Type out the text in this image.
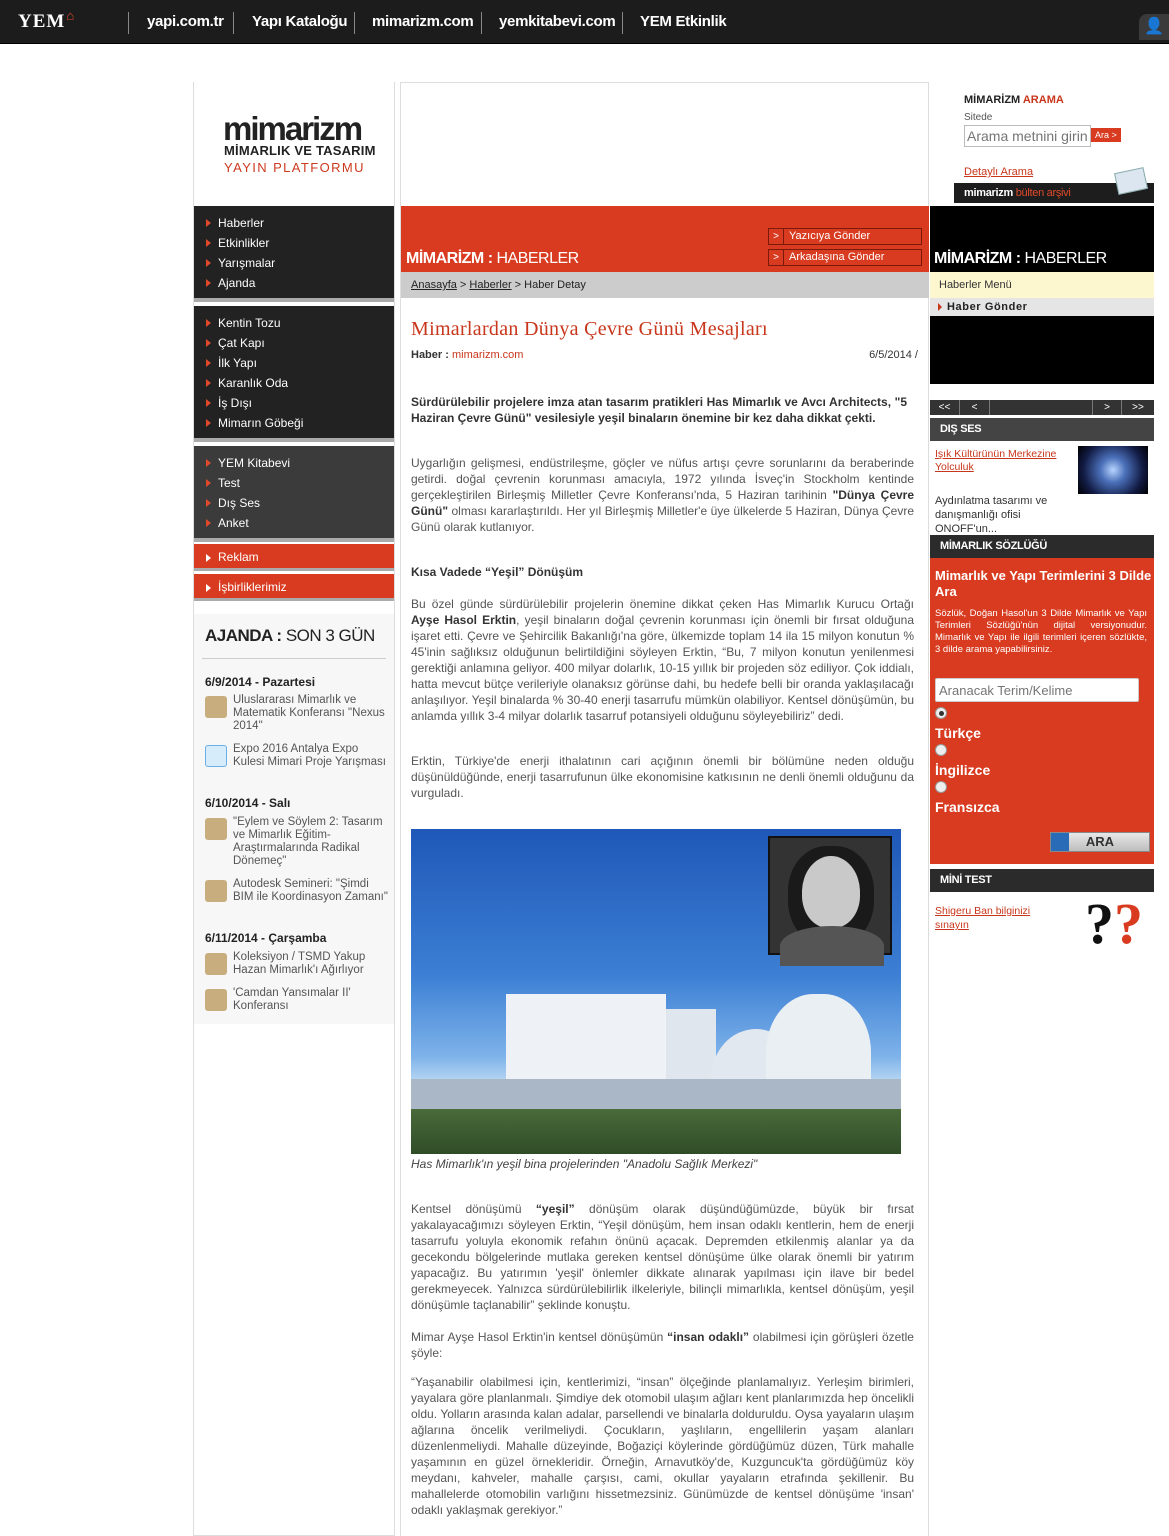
YEM⌂	yapi.com.tr Yapı Kataloğu mimarizm.com yemkitabevi.com YEM Etkinlik	👤
mimarizm
MİMARLIK VE TASARIM
YAYIN PLATFORMU
Haberler
Etkinlikler
Yarışmalar
Ajanda
Kentin Tozu
Çat Kapı
İlk Yapı
Karanlık Oda
İş Dışı
Mimarın Göbeği
YEM Kitabevi
Test
Dış Ses
Anket
Reklam
İşbirliklerimiz
AJANDA : SON 3 GÜN
6/9/2014 - Pazartesi
Uluslararası Mimarlık ve Matematik Konferansı "Nexus 2014"
Expo 2016 Antalya Expo Kulesi Mimari Proje Yarışması
6/10/2014 - Salı
"Eylem ve Söylem 2: Tasarım ve Mimarlık Eğitim-Araştırmalarında Radikal Dönemeç"
Autodesk Semineri: "Şimdi BIM ile Koordinasyon Zamanı"
6/11/2014 - Çarşamba
Koleksiyon / TSMD Yakup Hazan Mimarlık'ı Ağırlıyor
'Camdan Yansımalar II' Konferansı
MİMARİZM : HABERLER
> Yazıcıya Gönder
> Arkadaşına Gönder
Anasayfa > Haberler > Haber Detay
Mimarlardan Dünya Çevre Günü Mesajları
Haber : mimarizm.com	6/5/2014 /
Sürdürülebilir projelere imza atan tasarım pratikleri Has Mimarlık ve Avcı Architects, "5 Haziran Çevre Günü" vesilesiyle yeşil binaların önemine bir kez daha dikkat çekti.
Uygarlığın gelişmesi, endüstrileşme, göçler ve nüfus artışı çevre sorunlarını da beraberinde getirdi. doğal çevrenin korunması amacıyla, 1972 yılında İsveç'in Stockholm kentinde gerçekleştirilen Birleşmiş Milletler Çevre Konferansı'nda, 5 Haziran tarihinin "Dünya Çevre Günü" olması kararlaştırıldı. Her yıl Birleşmiş Milletler'e üye ülkelerde 5 Haziran, Dünya Çevre Günü olarak kutlanıyor.
Kısa Vadede “Yeşil” Dönüşüm
Bu özel günde sürdürülebilir projelerin önemine dikkat çeken Has Mimarlık Kurucu Ortağı Ayşe Hasol Erktin, yeşil binaların doğal çevrenin korunması için önemli bir fırsat olduğuna işaret etti. Çevre ve Şehircilik Bakanlığı'na göre, ülkemizde toplam 14 ila 15 milyon konutun % 45'inin sağlıksız olduğunun belirtildiğini söyleyen Erktin, “Bu, 7 milyon konutun yenilenmesi gerektiği anlamına geliyor. 400 milyar dolarlık, 10-15 yıllık bir projeden söz ediliyor. Çok iddialı, hatta mevcut bütçe verileriyle olanaksız görünse dahi, bu hedefe belli bir oranda yaklaşılacağı anlaşılıyor. Yeşil binalarda % 30-40 enerji tasarrufu mümkün olabiliyor. Kentsel dönüşümün, bu anlamda yıllık 3-4 milyar dolarlık tasarruf potansiyeli olduğunu söyleyebiliriz” dedi.
Erktin, Türkiye'de enerji ithalatının cari açığının önemli bir bölümüne neden olduğu düşünüldüğünde, enerji tasarrufunun ülke ekonomisine katkısının ne denli önemli olduğunu da vurguladı.
Has Mimarlık'ın yeşil bina projelerinden "Anadolu Sağlık Merkezi"
Kentsel dönüşümü “yeşil” dönüşüm olarak düşündüğümüzde, büyük bir fırsat yakalayacağımızı söyleyen Erktin, “Yeşil dönüşüm, hem insan odaklı kentlerin, hem de enerji tasarrufu yoluyla ekonomik refahın önünü açacak. Depremden etkilenmiş alanlar ya da gecekondu bölgelerinde mutlaka gereken kentsel dönüşüme ülke olarak önemli bir yatırım yapacağız. Bu yatırımın 'yeşil' önlemler dikkate alınarak yapılması için ilave bir bedel gerekmeyecek. Yalnızca sürdürülebilirlik ilkeleriyle, bilinçli mimarlıkla, kentsel dönüşüm, yeşil dönüşümle taçlanabilir” şeklinde konuştu.
Mimar Ayşe Hasol Erktin'in kentsel dönüşümün “insan odaklı” olabilmesi için görüşleri özetle şöyle:
“Yaşanabilir olabilmesi için, kentlerimizi, “insan” ölçeğinde planlamalıyız. Yerleşim birimleri, yayalara göre planlanmalı. Şimdiye dek otomobil ulaşım ağları kent planlarımızda hep öncelikli oldu. Yolların arasında kalan adalar, parsellendi ve binalarla dolduruldu. Oysa yayaların ulaşım ağlarına öncelik verilmeliydi. Çocukların, yaşlıların, engellilerin yaşam alanları düzenlenmeliydi. Mahalle düzeyinde, Boğaziçi köylerinde gördüğümüz düzen, Türk mahalle yaşamının en güzel örnekleridir. Örneğin, Arnavutköy'de, Kuzguncuk'ta gördüğümüz köy meydanı, kahveler, mahalle çarşısı, cami, okullar yayaların etrafında şekillenir. Bu mahallelerde otomobilin varlığını hissetmezsiniz. Günümüzde de kentsel dönüşüme 'insan' odaklı yaklaşmak gerekiyor.”
MİMARİZM ARAMA
Sitede
Arama metnini girin
Ara >
Detaylı Arama
mimarizm bülten arşivi
MİMARİZM : HABERLER
Haberler Menü
Haber Gönder
<<	<	>	>>
DIŞ SES
Işık Kültürünün Merkezine Yolculuk
Aydınlatma tasarımı ve danışmanlığı ofisi ONOFF'un...
MİMARLIK SÖZLÜĞÜ
Mimarlık ve Yapı Terimlerini 3 Dilde Ara
Sözlük, Doğan Hasol'un 3 Dilde Mimarlık ve Yapı Terimleri Sözlüğü'nün dijital versiyonudur. Mimarlık ve Yapı ile ilgili terimleri içeren sözlükte, 3 dilde arama yapabilirsiniz.
Aranacak Terim/Kelime
Türkçe
İngilizce
Fransızca
ARA
MİNİ TEST
Shigeru Ban bilginizi sınayın	??
